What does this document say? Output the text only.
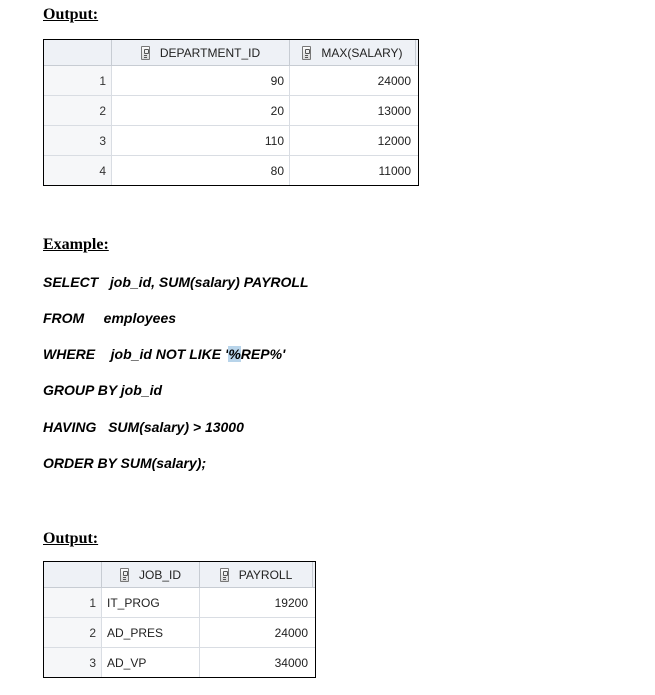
Output:

DEPARTMENT_ID	MAX(SALARY)
1	90	24000
2	20	13000
3	110	12000
4	80	11000

Example:

SELECT   job_id, SUM(salary) PAYROLL

FROM     employees

WHERE    job_id NOT LIKE '%REP%'

GROUP BY job_id

HAVING   SUM(salary) > 13000

ORDER BY SUM(salary);

Output:

JOB_ID	PAYROLL
1 IT_PROG	19200
2 AD_PRES	24000
3 AD_VP	34000
